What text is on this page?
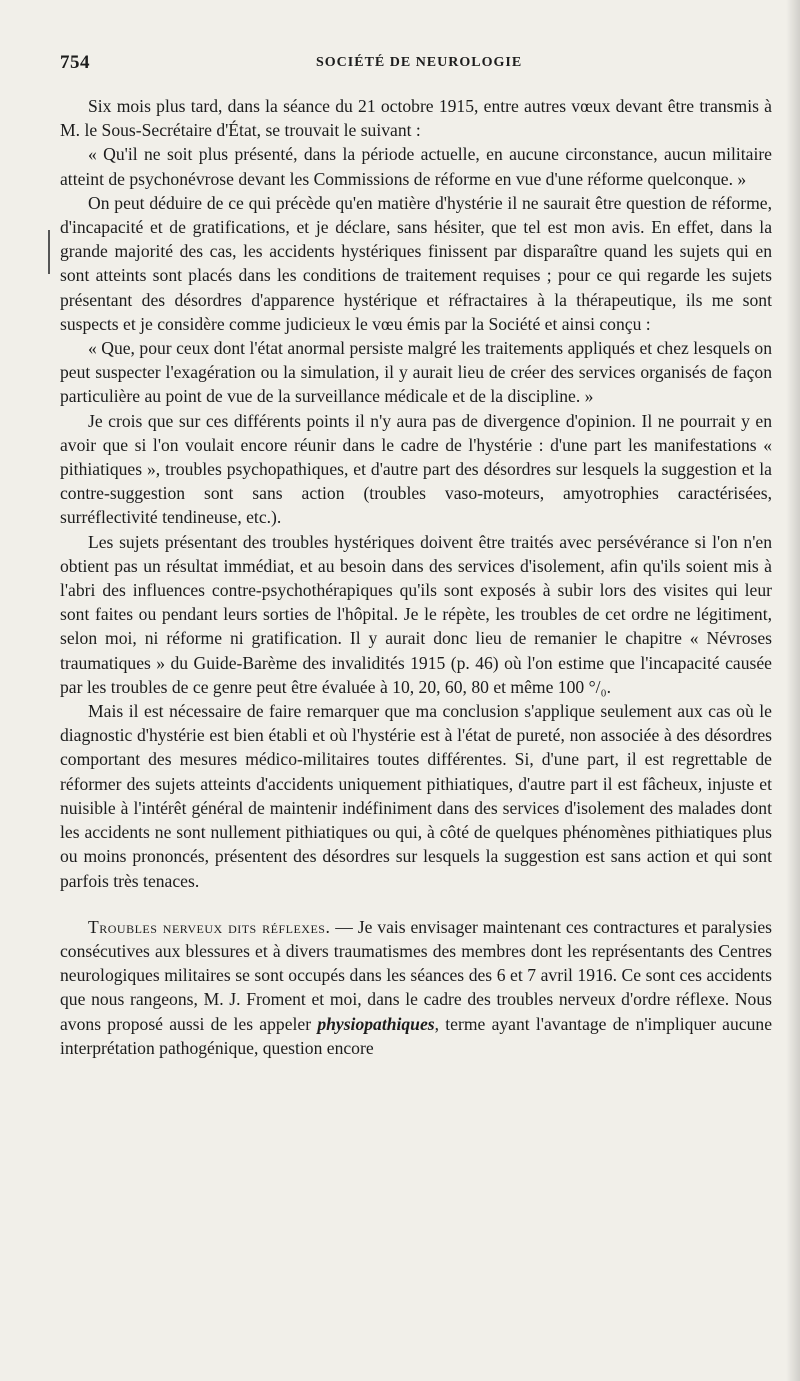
754	SOCIÉTÉ DE NEUROLOGIE

Six mois plus tard, dans la séance du 21 octobre 1915, entre autres vœux devant être transmis à M. le Sous-Secrétaire d'État, se trouvait le suivant :

« Qu'il ne soit plus présenté, dans la période actuelle, en aucune circonstance, aucun militaire atteint de psychonévrose devant les Commissions de réforme en vue d'une réforme quelconque. »

On peut déduire de ce qui précède qu'en matière d'hystérie il ne saurait être question de réforme, d'incapacité et de gratifications, et je déclare, sans hésiter, que tel est mon avis. En effet, dans la grande majorité des cas, les accidents hystériques finissent par disparaître quand les sujets qui en sont atteints sont placés dans les conditions de traitement requises ; pour ce qui regarde les sujets présentant des désordres d'apparence hystérique et réfractaires à la thérapeutique, ils me sont suspects et je considère comme judicieux le vœu émis par la Société et ainsi conçu :

« Que, pour ceux dont l'état anormal persiste malgré les traitements appliqués et chez lesquels on peut suspecter l'exagération ou la simulation, il y aurait lieu de créer des services organisés de façon particulière au point de vue de la surveillance médicale et de la discipline. »

Je crois que sur ces différents points il n'y aura pas de divergence d'opinion. Il ne pourrait y en avoir que si l'on voulait encore réunir dans le cadre de l'hystérie : d'une part les manifestations « pithiatiques », troubles psychopathiques, et d'autre part des désordres sur lesquels la suggestion et la contre-suggestion sont sans action (troubles vaso-moteurs, amyotrophies caractérisées, surréflectivité tendineuse, etc.).

Les sujets présentant des troubles hystériques doivent être traités avec persévérance si l'on n'en obtient pas un résultat immédiat, et au besoin dans des services d'isolement, afin qu'ils soient mis à l'abri des influences contre-psychothérapiques qu'ils sont exposés à subir lors des visites qui leur sont faites ou pendant leurs sorties de l'hôpital. Je le répète, les troubles de cet ordre ne légitiment, selon moi, ni réforme ni gratification. Il y aurait donc lieu de remanier le chapitre « Névroses traumatiques » du Guide-Barème des invalidités 1915 (p. 46) où l'on estime que l'incapacité causée par les troubles de ce genre peut être évaluée à 10, 20, 60, 80 et même 100 °/₀.

Mais il est nécessaire de faire remarquer que ma conclusion s'applique seulement aux cas où le diagnostic d'hystérie est bien établi et où l'hystérie est à l'état de pureté, non associée à des désordres comportant des mesures médico-militaires toutes différentes. Si, d'une part, il est regrettable de réformer des sujets atteints d'accidents uniquement pithiatiques, d'autre part il est fâcheux, injuste et nuisible à l'intérêt général de maintenir indéfiniment dans des services d'isolement des malades dont les accidents ne sont nullement pithiatiques ou qui, à côté de quelques phénomènes pithiatiques plus ou moins prononcés, présentent des désordres sur lesquels la suggestion est sans action et qui sont parfois très tenaces.

Troubles nerveux dits réflexes. — Je vais envisager maintenant ces contractures et paralysies consécutives aux blessures et à divers traumatismes des membres dont les représentants des Centres neurologiques militaires se sont occupés dans les séances des 6 et 7 avril 1916. Ce sont ces accidents que nous rangeons, M. J. Froment et moi, dans le cadre des troubles nerveux d'ordre réflexe. Nous avons proposé aussi de les appeler physiopathiques, terme ayant l'avantage de n'impliquer aucune interprétation pathogénique, question encore
